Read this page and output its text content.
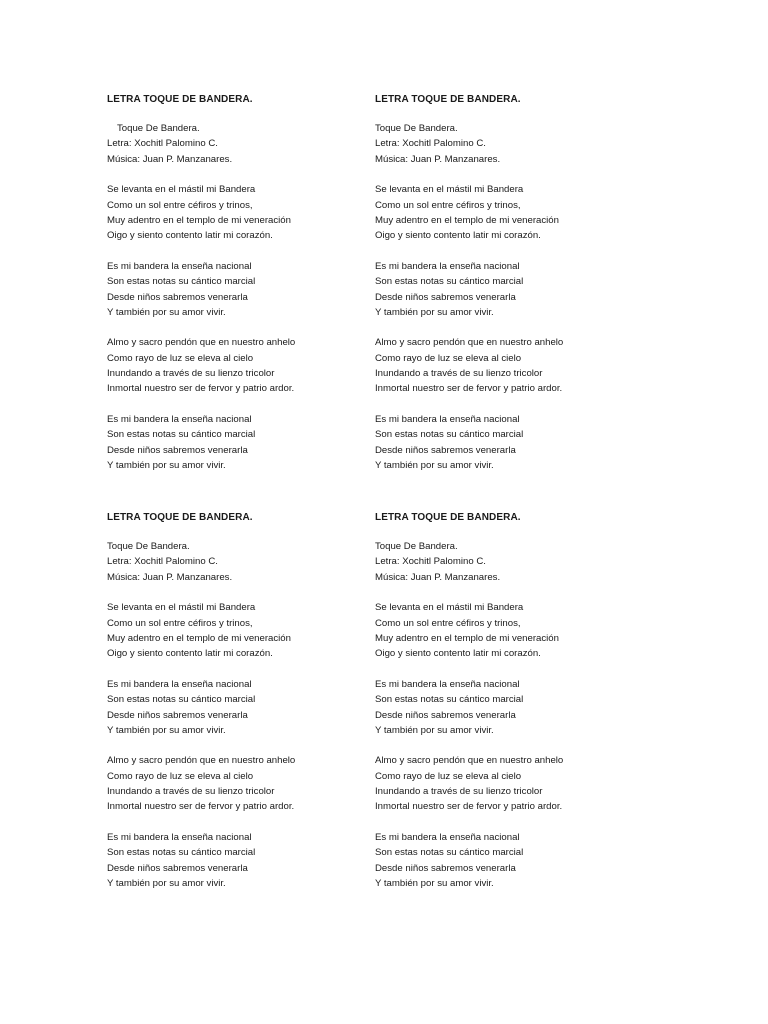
LETRA TOQUE DE BANDERA.
Toque De Bandera.
Letra: Xochitl Palomino C.
Música: Juan P. Manzanares.
Se levanta en el mástil mi Bandera
Como un sol entre céfiros y trinos,
Muy adentro en el templo de mi veneración
Oigo y siento contento latir mi corazón.
Es mi bandera la enseña nacional
Son estas notas su cántico marcial
Desde niños sabremos venerarla
Y también por su amor vivir.
Almo y sacro pendón que en nuestro anhelo
Como rayo de luz se eleva al cielo
Inundando a través de su lienzo tricolor
Inmortal nuestro ser de fervor y patrio ardor.
Es mi bandera la enseña nacional
Son estas notas su cántico marcial
Desde niños sabremos venerarla
Y también por su amor vivir.
LETRA TOQUE DE BANDERA.
Toque De Bandera.
Letra: Xochitl Palomino C.
Música: Juan P. Manzanares.
Se levanta en el mástil mi Bandera
Como un sol entre céfiros y trinos,
Muy adentro en el templo de mi veneración
Oigo y siento contento latir mi corazón.
Es mi bandera la enseña nacional
Son estas notas su cántico marcial
Desde niños sabremos venerarla
Y también por su amor vivir.
Almo y sacro pendón que en nuestro anhelo
Como rayo de luz se eleva al cielo
Inundando a través de su lienzo tricolor
Inmortal nuestro ser de fervor y patrio ardor.
Es mi bandera la enseña nacional
Son estas notas su cántico marcial
Desde niños sabremos venerarla
Y también por su amor vivir.
LETRA TOQUE DE BANDERA.
Toque De Bandera.
Letra: Xochitl Palomino C.
Música: Juan P. Manzanares.
Se levanta en el mástil mi Bandera
Como un sol entre céfiros y trinos,
Muy adentro en el templo de mi veneración
Oigo y siento contento latir mi corazón.
Es mi bandera la enseña nacional
Son estas notas su cántico marcial
Desde niños sabremos venerarla
Y también por su amor vivir.
Almo y sacro pendón que en nuestro anhelo
Como rayo de luz se eleva al cielo
Inundando a través de su lienzo tricolor
Inmortal nuestro ser de fervor y patrio ardor.
Es mi bandera la enseña nacional
Son estas notas su cántico marcial
Desde niños sabremos venerarla
Y también por su amor vivir.
LETRA TOQUE DE BANDERA.
Toque De Bandera.
Letra: Xochitl Palomino C.
Música: Juan P. Manzanares.
Se levanta en el mástil mi Bandera
Como un sol entre céfiros y trinos,
Muy adentro en el templo de mi veneración
Oigo y siento contento latir mi corazón.
Es mi bandera la enseña nacional
Son estas notas su cántico marcial
Desde niños sabremos venerarla
Y también por su amor vivir.
Almo y sacro pendón que en nuestro anhelo
Como rayo de luz se eleva al cielo
Inundando a través de su lienzo tricolor
Inmortal nuestro ser de fervor y patrio ardor.
Es mi bandera la enseña nacional
Son estas notas su cántico marcial
Desde niños sabremos venerarla
Y también por su amor vivir.
